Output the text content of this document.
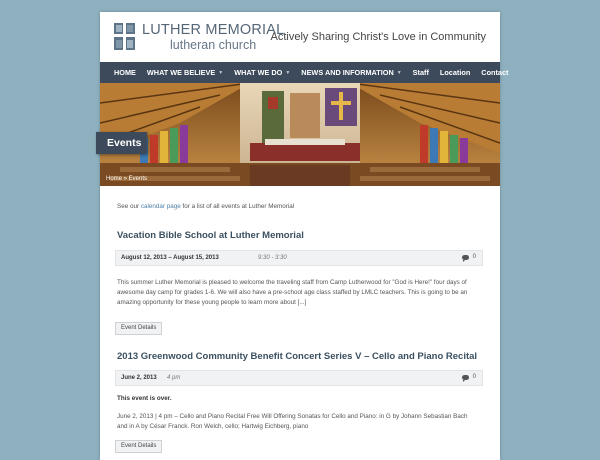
LUTHER MEMORIAL
lutheran church
Actively Sharing Christ's Love in Community
HOME WHAT WE BELIEVE ▼ WHAT WE DO ▼ NEWS AND INFORMATION ▼ Staff Location Contact
Events
Home » Events
See our calendar page for a list of all events at Luther Memorial
Vacation Bible School at Luther Memorial
August 12, 2013 – August 15, 2013	9:30 - 3:30	0
This summer Luther Memorial is pleased to welcome the traveling staff from Camp Lutherwood for "God is Here!" four days of awesome day camp for grades 1-6. We will also have a pre-school age class staffed by LMLC teachers. This is going to be an amazing opportunity for these young people to learn more about [...]
Event Details
2013 Greenwood Community Benefit Concert Series V – Cello and Piano Recital
June 2, 2013 4 pm	0
This event is over.
June 2, 2013 | 4 pm – Cello and Piano Recital Free Will Offering Sonatas for Cello and Piano: in G by Johann Sebastian Bach and in A by César Franck. Ron Welch, cello; Hartwig Eichberg, piano
Event Details
